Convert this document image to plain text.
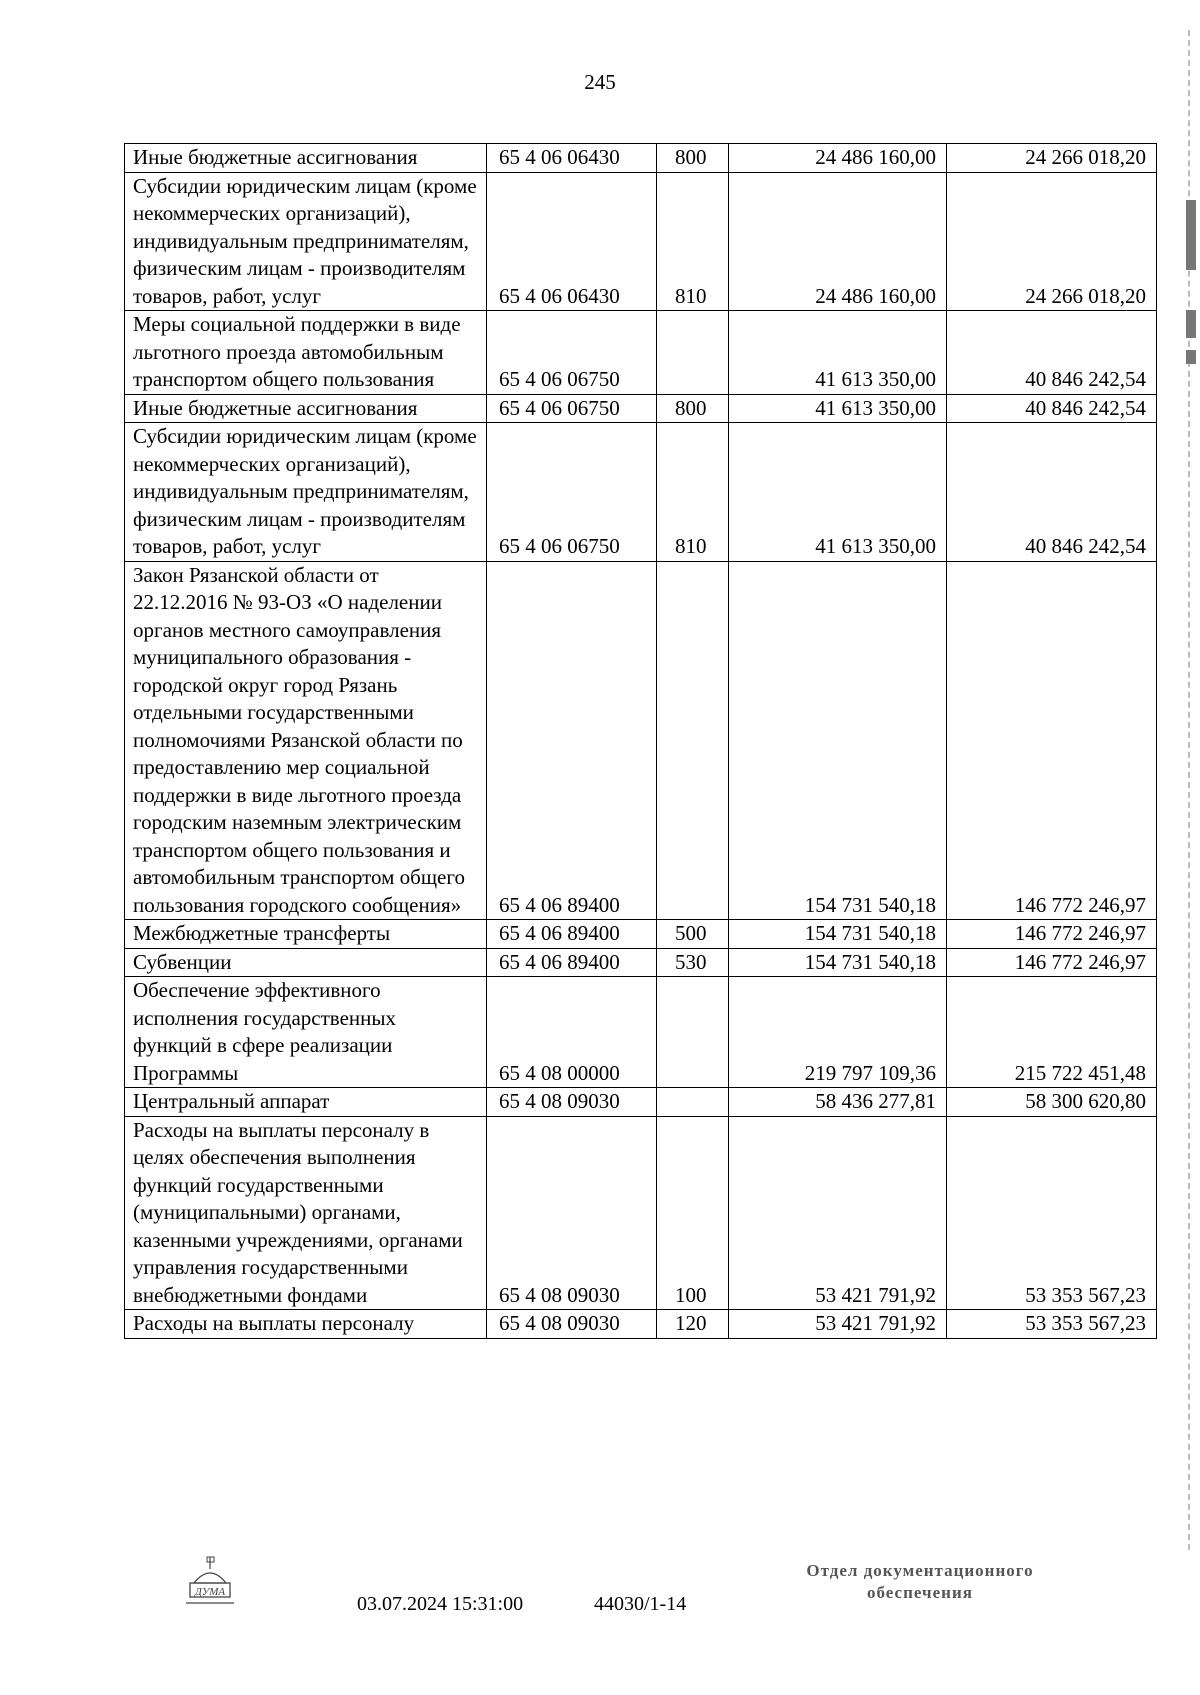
245
Иные бюджетные ассигнования	65 4 06 06430	800	24 486 160,00	24 266 018,20
Субсидии юридическим лицам (кроме некоммерческих организаций), индивидуальным предпринимателям, физическим лицам - производителям товаров, работ, услуг	65 4 06 06430	810	24 486 160,00	24 266 018,20
Меры социальной поддержки в виде льготного проезда автомобильным транспортом общего пользования	65 4 06 06750		41 613 350,00	40 846 242,54
Иные бюджетные ассигнования	65 4 06 06750	800	41 613 350,00	40 846 242,54
Субсидии юридическим лицам (кроме некоммерческих организаций), индивидуальным предпринимателям, физическим лицам - производителям товаров, работ, услуг	65 4 06 06750	810	41 613 350,00	40 846 242,54
Закон Рязанской области от 22.12.2016 № 93-ОЗ «О наделении органов местного самоуправления муниципального образования - городской округ город Рязань отдельными государственными полномочиями Рязанской области по предоставлению мер социальной поддержки в виде льготного проезда городским наземным электрическим транспортом общего пользования и автомобильным транспортом общего пользования городского сообщения»	65 4 06 89400		154 731 540,18	146 772 246,97
Межбюджетные трансферты	65 4 06 89400	500	154 731 540,18	146 772 246,97
Субвенции	65 4 06 89400	530	154 731 540,18	146 772 246,97
Обеспечение эффективного исполнения государственных функций в сфере реализации Программы	65 4 08 00000		219 797 109,36	215 722 451,48
Центральный аппарат	65 4 08 09030		58 436 277,81	58 300 620,80
Расходы на выплаты персоналу в целях обеспечения выполнения функций государственными (муниципальными) органами, казенными учреждениями, органами управления государственными внебюджетными фондами	65 4 08 09030	100	53 421 791,92	53 353 567,23
Расходы на выплаты персоналу	65 4 08 09030	120	53 421 791,92	53 353 567,23
ДУМА
03.07.2024 15:31:00	44030/1-14
Отдел документационного
обеспечения
